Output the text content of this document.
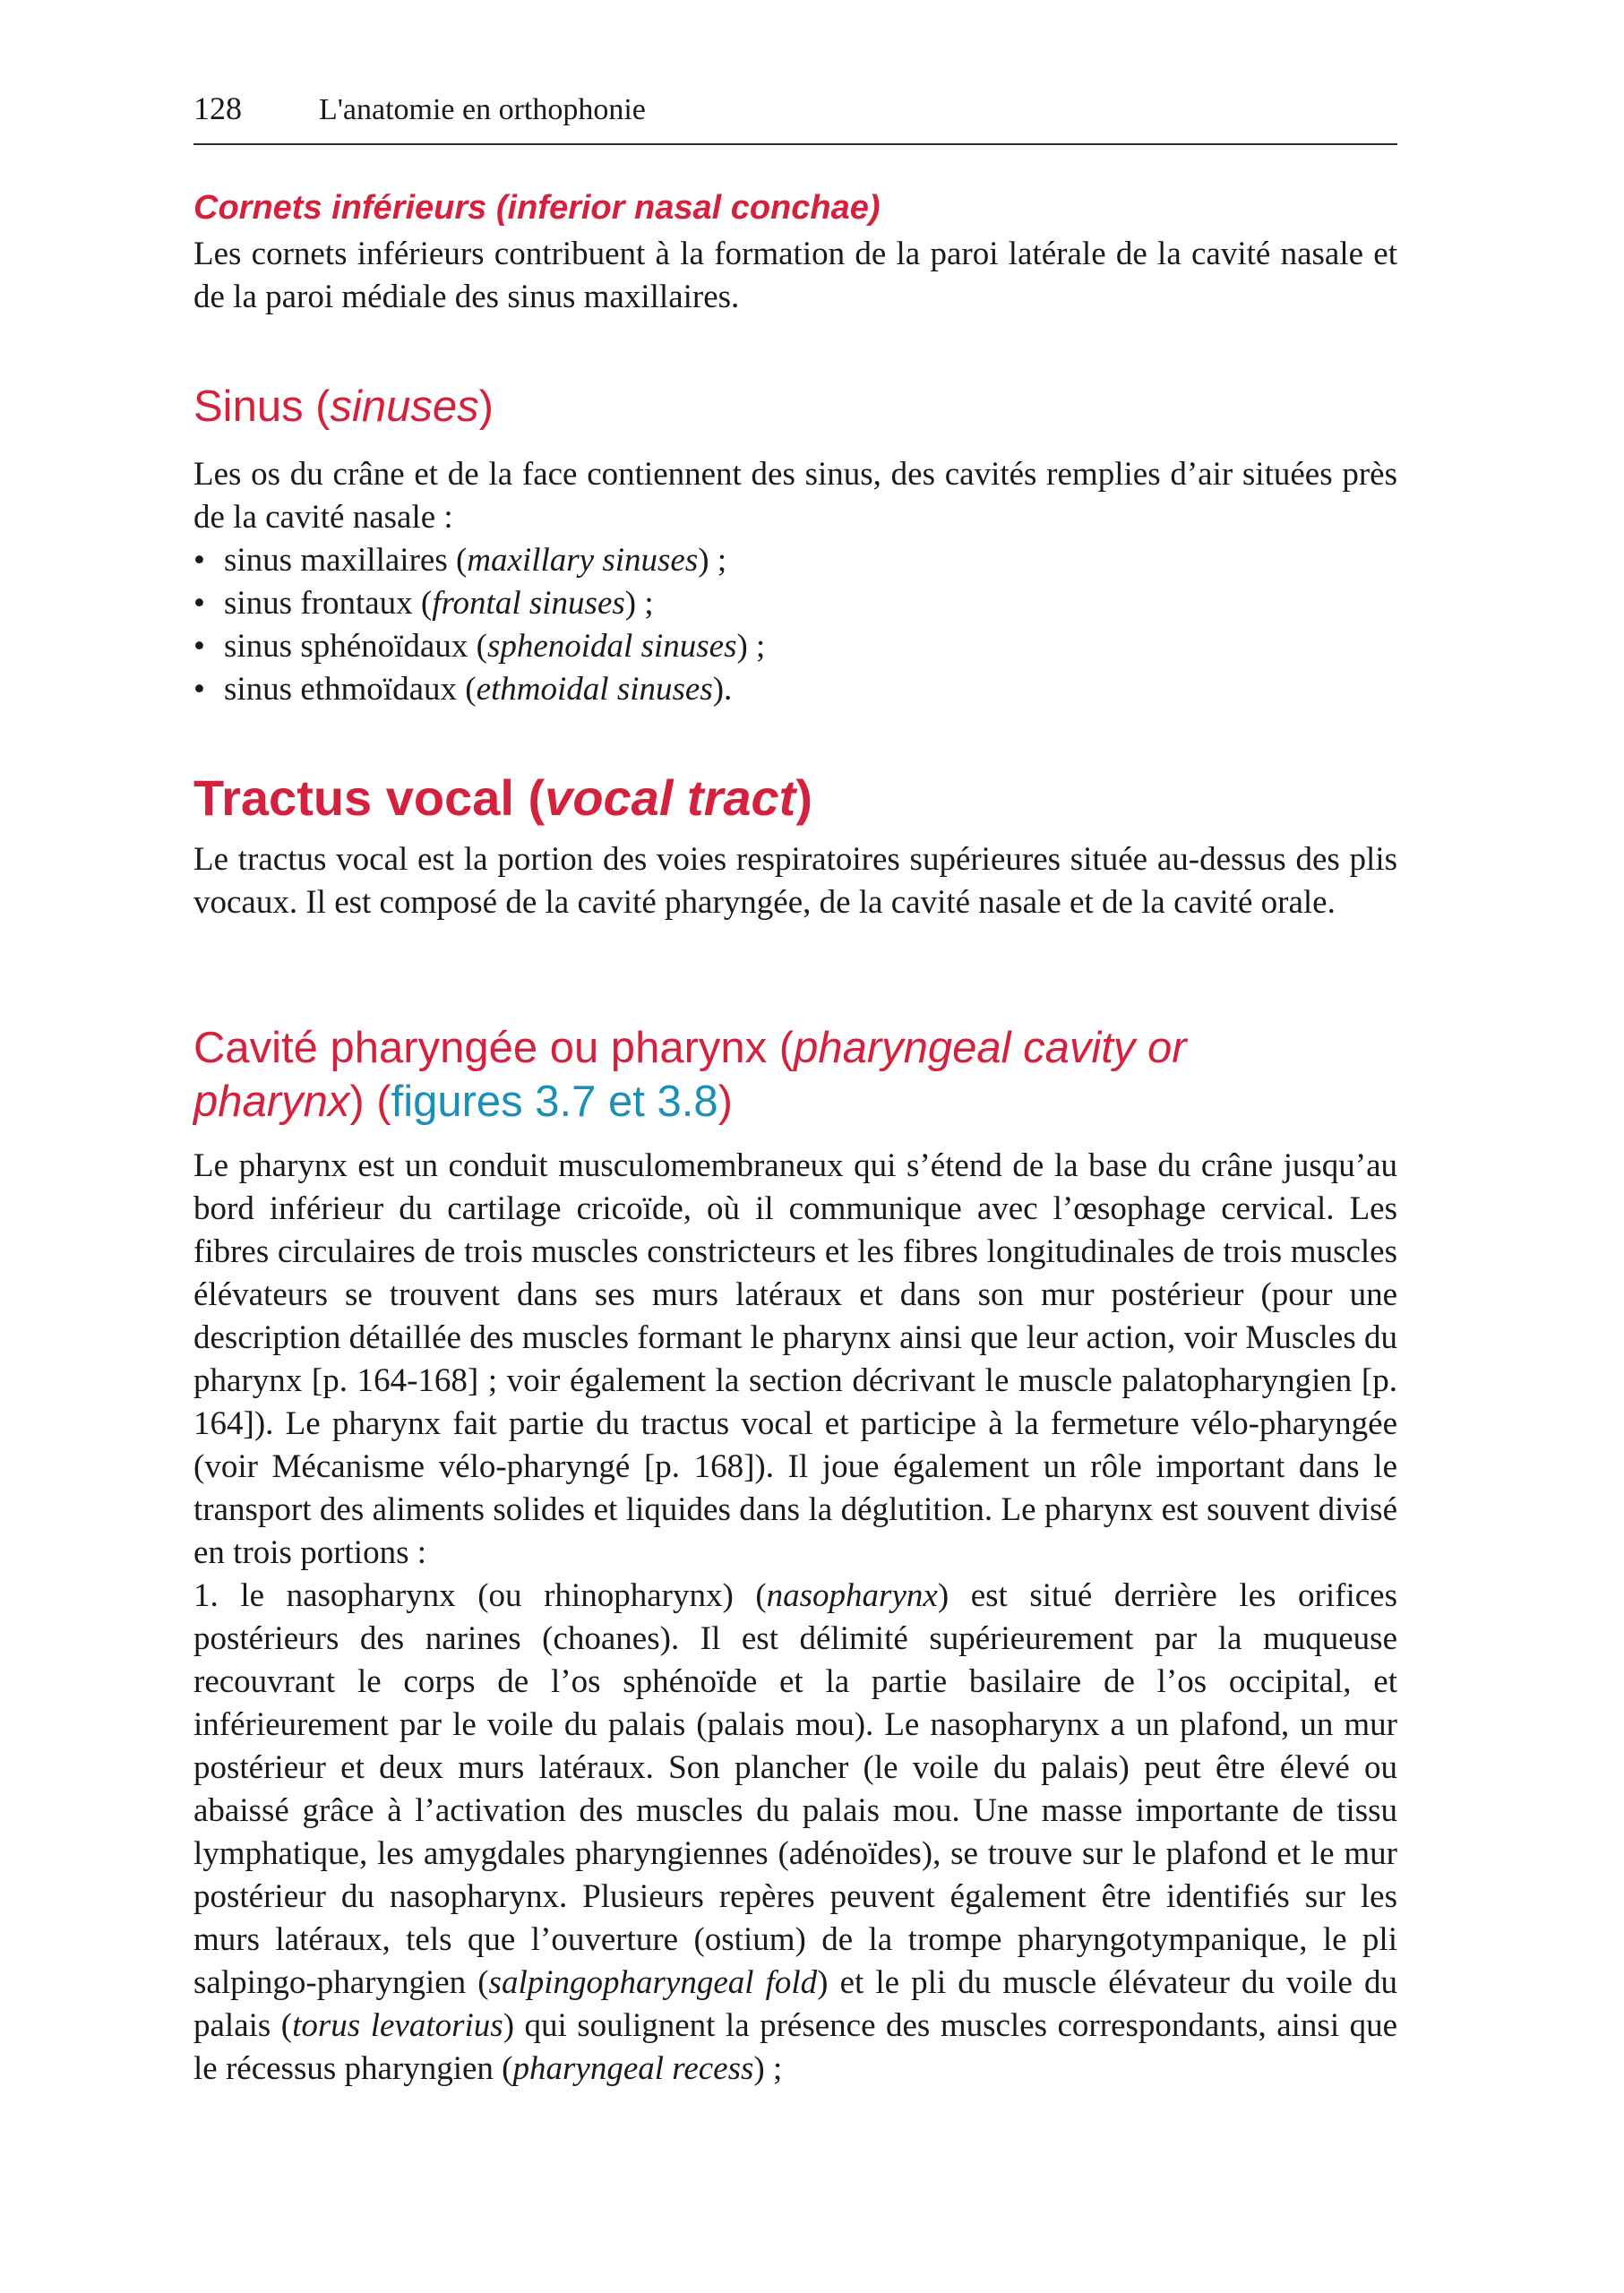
128	L'anatomie en orthophonie
Cornets inférieurs (inferior nasal conchae)

Les cornets inférieurs contribuent à la formation de la paroi latérale de la cavité nasale et de la paroi médiale des sinus maxillaires.

Sinus (sinuses)

Les os du crâne et de la face contiennent des sinus, des cavités remplies d’air situées près de la cavité nasale :

• sinus maxillaires (maxillary sinuses) ;
• sinus frontaux (frontal sinuses) ;
• sinus sphénoïdaux (sphenoidal sinuses) ;
• sinus ethmoïdaux (ethmoidal sinuses).
Tractus vocal (vocal tract)

Le tractus vocal est la portion des voies respiratoires supérieures située au-dessus des plis vocaux. Il est composé de la cavité pharyngée, de la cavité nasale et de la cavité orale.

Cavité pharyngée ou pharynx (pharyngeal cavity or
pharynx) (figures 3.7 et 3.8)

Le pharynx est un conduit musculomembraneux qui s’étend de la base du crâne jusqu’au bord inférieur du cartilage cricoïde, où il communique avec l’œsophage cervical. Les fibres circulaires de trois muscles constricteurs et les fibres longitudinales de trois muscles élévateurs se trouvent dans ses murs latéraux et dans son mur postérieur (pour une description détaillée des muscles formant le pharynx ainsi que leur action, voir Muscles du pharynx [p. 164-168] ; voir également la section décrivant le muscle palatopharyngien [p. 164]). Le pharynx fait partie du tractus vocal et participe à la fermeture vélo-pharyngée (voir Mécanisme vélo-pharyngé [p. 168]). Il joue également un rôle important dans le transport des aliments solides et liquides dans la déglutition. Le pharynx est souvent divisé en trois portions :

1. le nasopharynx (ou rhinopharynx) (nasopharynx) est situé derrière les orifices postérieurs des narines (choanes). Il est délimité supérieurement par la muqueuse recouvrant le corps de l’os sphénoïde et la partie basilaire de l’os occipital, et inférieurement par le voile du palais (palais mou). Le nasopharynx a un plafond, un mur postérieur et deux murs latéraux. Son plancher (le voile du palais) peut être élevé ou abaissé grâce à l’activation des muscles du palais mou. Une masse importante de tissu lymphatique, les amygdales pharyngiennes (adénoïdes), se trouve sur le plafond et le mur postérieur du nasopharynx. Plusieurs repères peuvent également être identifiés sur les murs latéraux, tels que l’ouverture (ostium) de la trompe pharyngotympanique, le pli salpingo-pharyngien (salpingopharyngeal fold) et le pli du muscle élévateur du voile du palais (torus levatorius) qui soulignent la présence des muscles correspondants, ainsi que le récessus pharyngien (pharyngeal recess) ;
